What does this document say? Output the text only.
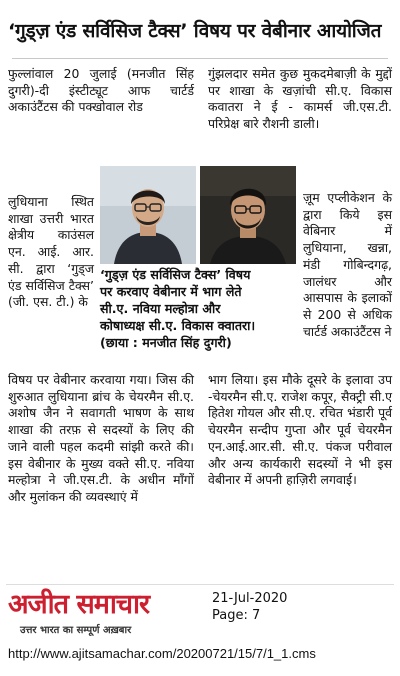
‘गुड्ज़ एंड सर्विसिज टैक्स’ विषय पर वेबीनार आयोजित

फुल्लांवाल 20 जुलाई (मनजीत सिंह दुगरी)-दी इंस्टीट्यूट आफ चार्टर्ड अकाउंटैंटस की पक्खोवाल रोड

लुधियाना स्थित शाखा उत्तरी भारत क्षेत्रीय काउंसल एन. आई. आर. सी. द्वारा ‘गुड्ज एंड सर्विसिज टैक्स’ (जी. एस. टी.) के

गुंझलदार समेत कुछ मुकदमेबाज़ी के मुद्दों पर शाखा के खज़ांची सी.ए. विकास कवातरा ने ई - कामर्स जी.एस.टी. परिप्रेक्ष बारे रौशनी डाली।

ज़ूम एप्लीकेशन के द्वारा किये इस वेबिनार में लुधियाना, खन्ना, मंडी गोबिन्दगढ़, जालंधर और आसपास के इलाकों से 200 से अधिक चार्टर्ड अकाउंटैंटस ने

‘गुड्ज़ एंड सर्विसिज टैक्स’ विषय
पर करवाए वेबीनार में भाग लेते
सी.ए. नविया मल्होत्रा और
कोषाध्यक्ष सी.ए. विकास क्वातरा।
(छाया : मनजीत सिंह दुगरी)

विषय पर वेबीनार करवाया गया। जिस की शुरुआत लुधियाना ब्रांच के चेयरमैन सी.ए. अशोष जैन ने सवागती भाषण के साथ शाखा की तरफ़ से सदस्यों के लिए की जाने वाली पहल कदमी सांझी करते की। इस वेबीनार के मुख्य वक्ते सी.ए. नविया मल्होत्रा ने जी.एस.टी. के अधीन माँगों और मुलांकन की व्यवस्थाएं में

भाग लिया। इस मौके दूसरे के इलावा उप -चेयरमैन सी.ए. राजेश कपूर, सैक्ट्री सी.ए हितेश गोयल और सी.ए. रचित भंडारी पूर्व चेयरमैन सन्दीप गुप्ता और पूर्व चेयरमैन एन.आई.आर.सी. सी.ए. पंकज परीवाल और अन्य कार्यकारी सदस्यों ने भी इस वेबीनार में अपनी हाज़िरी लगवाई।

अजीत समाचार
उत्तर भारत का सम्पूर्ण अख़बार
21-Jul-2020
Page: 7
http://www.ajitsamachar.com/20200721/15/7/1_1.cms
